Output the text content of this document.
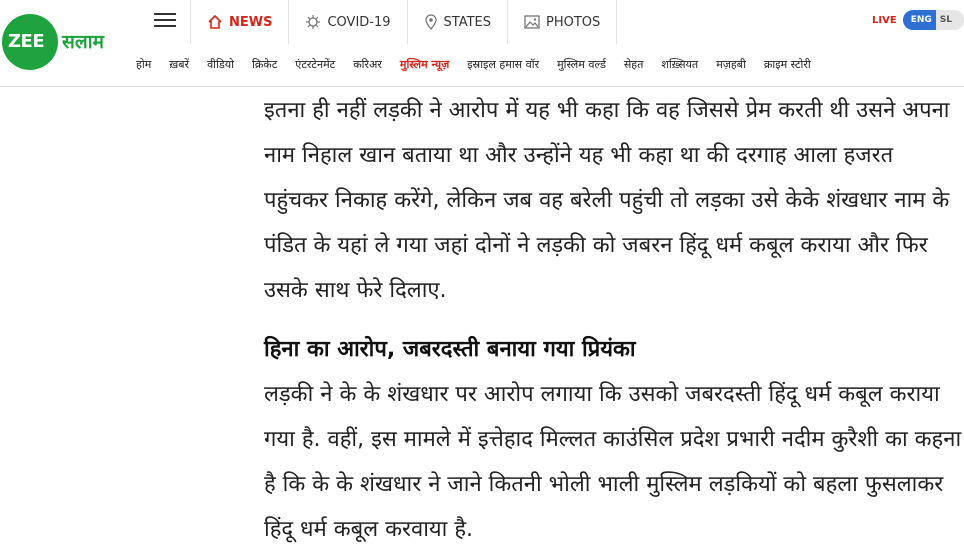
ZEE सलाम
NEWS	COVID-19	STATES	PHOTOS	LIVE	ENG SL
होम ख़बरें वीडियो क्रिकेट एंटरटेनमेंट करिअर मुस्लिम न्यूज़ इस्राइल हमास वॉर मुस्लिम वर्ल्ड सेहत शख़्सियत मज़हबी क्राइम स्टोरी

इतना ही नहीं लड़की ने आरोप में यह भी कहा कि वह जिससे प्रेम करती थी उसने अपना नाम निहाल खान बताया था और उन्होंने यह भी कहा था की दरगाह आला हजरत पहुंचकर निकाह करेंगे, लेकिन जब वह बरेली पहुंची तो लड़का उसे केके शंखधार नाम के पंडित के यहां ले गया जहां दोनों ने लड़की को जबरन हिंदू धर्म कबूल कराया और फिर उसके साथ फेरे दिलाए.

हिना का आरोप, जबरदस्ती बनाया गया प्रियंका

लड़की ने के के शंखधार पर आरोप लगाया कि उसको जबरदस्ती हिंदू धर्म कबूल कराया गया है. वहीं, इस मामले में इत्तेहाद मिल्लत काउंसिल प्रदेश प्रभारी नदीम कुरैशी का कहना है कि के के शंखधार ने जाने कितनी भोली भाली मुस्लिम लड़कियों को बहला फुसलाकर हिंदू धर्म कबूल करवाया है.
